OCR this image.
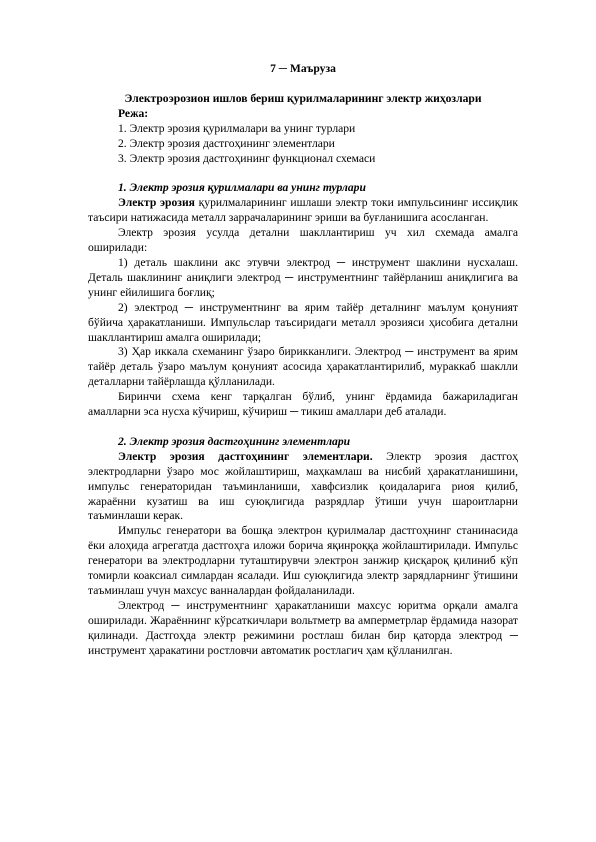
7 ─ Маъруза
Электроэрозион ишлов бериш қурилмаларининг электр жиҳозлари
Режа:
1. Электр эрозия қурилмалари ва унинг турлари
2. Электр эрозия дастгоҳининг элементлари
3. Электр эрозия дастгоҳининг функционал схемаси
1. Электр эрозия қурилмалари ва унинг турлари

Электр эрозия қурилмаларининг ишлаши электр токи импульсининг иссиқлик таъсири натижасида металл заррачаларининг эриши ва буғланишига асосланган.

Электр эрозия усулда детални шакллантириш уч хил схемада амалга оширилади:

1) деталь шаклини акс этувчи электрод ─ инструмент шаклини нусхалаш. Деталь шаклининг аниқлиги электрод ─ инструментнинг тайёрланиш аниқлигига ва унинг ейилишига боғлиқ;

2) электрод ─ инструментнинг ва ярим тайёр деталнинг маълум қонуният бўйича ҳаракатланиши. Импульслар таъсиридаги металл эрозияси ҳисобига детални шакллантириш амалга оширилади;

3) Ҳар иккала схеманинг ўзаро бирикканлиги. Электрод ─ инструмент ва ярим тайёр деталь ўзаро маълум қонуният асосида ҳаракатлантирилиб, мураккаб шаклли деталларни тайёрлашда қўлланилади.

Биринчи схема кенг тарқалган бўлиб, унинг ёрдамида бажариладиган амалларни эса нусха кўчириш, кўчириш ─ тикиш амаллари деб аталади.

2. Электр эрозия дастгоҳининг элементлари

Электр эрозия дастгоҳининг элементлари. Электр эрозия дастгоҳ электродларни ўзаро мос жойлаштириш, маҳкамлаш ва нисбий ҳаракатланишини, импульс генераторидан таъминланиши, хавфсизлик қоидаларига риоя қилиб, жараённи кузатиш ва иш суюқлигида разрядлар ўтиши учун шароитларни таъминлаши керак.

Импульс генератори ва бошқа электрон қурилмалар дастгоҳнинг станинасида ёки алоҳида агрегатда дастгоҳга иложи борича яқинроққа жойлаштирилади. Импульс генератори ва электродларни туташтирувчи электрон занжир қисқароқ қилиниб кўп томирли коаксиал симлардан ясалади. Иш суюқлигида электр зарядларнинг ўтишини таъминлаш учун махсус ванналардан фойдаланилади.

Электрод ─ инструментнинг ҳаракатланиши махсус юритма орқали амалга оширилади. Жараённинг кўрсаткичлари вольтметр ва амперметрлар ёрдамида назорат қилинади. Дастгоҳда электр режимини ростлаш билан бир қаторда электрод ─ инструмент ҳаракатини ростловчи автоматик ростлагич ҳам қўлланилган.
